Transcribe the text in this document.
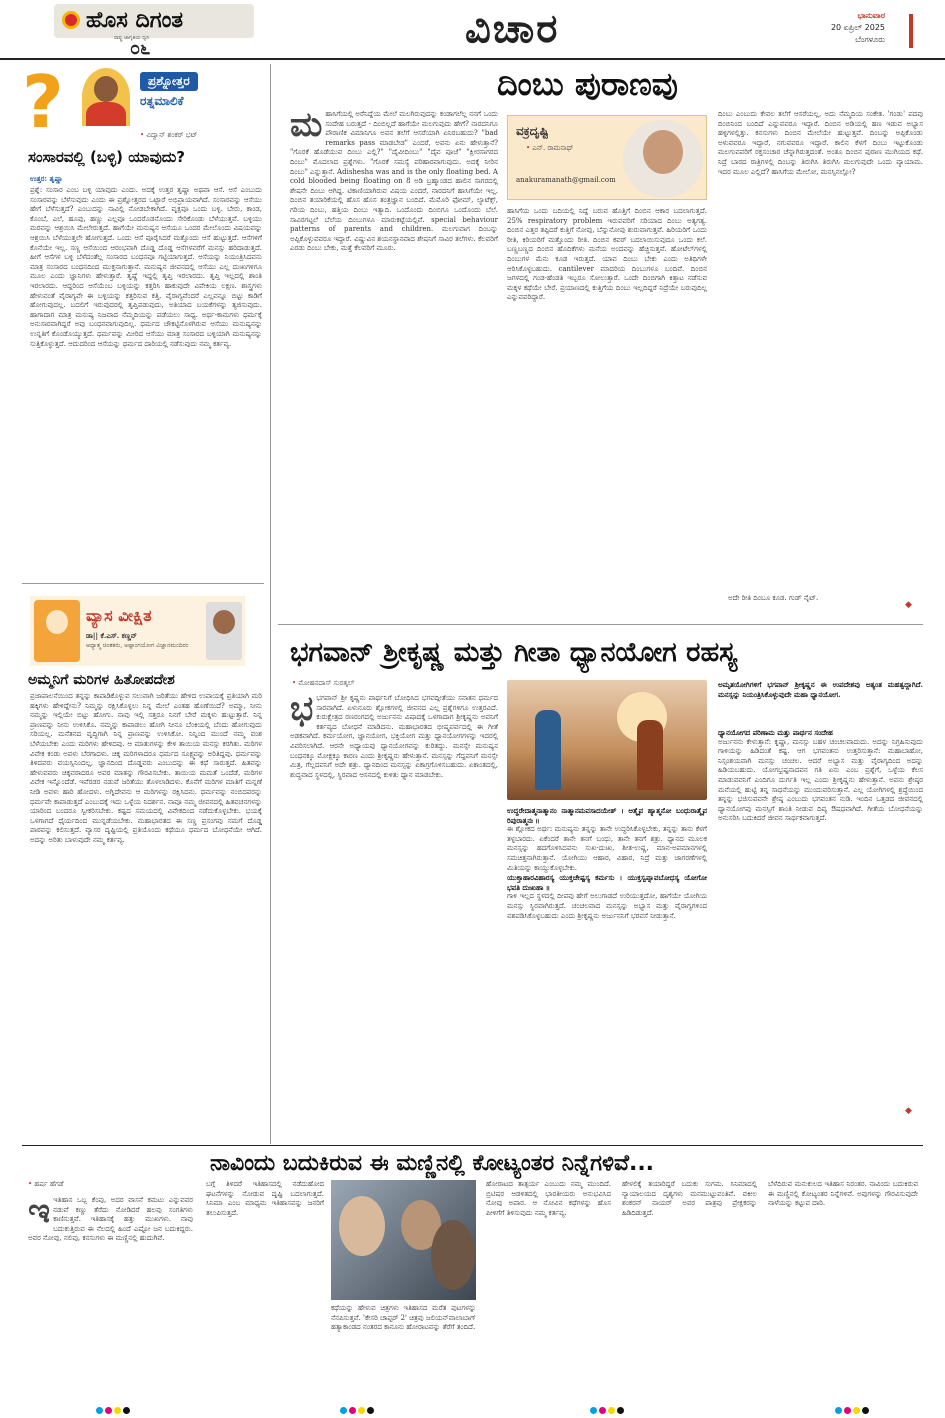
ಹೊಸ ದಿಗಂತ
ರಾಷ್ಟ್ರ ಜಾಗೃತಿಯ ಧ್ವನಿ
೦೬	ವಿಚಾರ	ಭಾನುವಾರ
20 ಏಪ್ರಿಲ್ 2025
ಬೆಂಗಳೂರು
?	ಪ್ರಶ್ನೋತ್ತರ
ರತ್ನಮಾಲಿಕೆ
• ವಿದ್ವಾನ್ ಶಂಕರ್ ಭಟ್
ಸಂಸಾರವಲ್ಲಿ (ಬಳ್ಳಿ) ಯಾವುದು?
ಉತ್ತರ: ತೃಷ್ಣಾ
ಪ್ರಶ್ನೆ: ಸಂಸಾರ ಎಂಬ ಬಳ್ಳಿ ಯಾವುದು ಎಂದು. ಅದಕ್ಕೆ ಉತ್ತರ ತೃಷ್ಣಾ ಅಥವಾ ಆಸೆ. ಆಸೆ ಎಂಬುದು ಸಂಸಾರವನ್ನು ಬೆಳೆಸುವುದು ಎಂದು ಈ ಪ್ರಶ್ನೋತ್ತರದ ಒಟ್ಟಾರೆ ಅಭಿಪ್ರಾಯವಾಗಿದೆ. ಸಂಸಾರವನ್ನು ಆಸೆಯು ಹೇಗೆ ಬೆಳೆಸುತ್ತದೆ? ಎಂಬುದನ್ನು ನಾವಿಲ್ಲಿ ನೋಡಬೇಕಾಗಿದೆ. ವೃಕ್ಷವೂ ಒಂದು ಬಳ್ಳಿ. ಬೇರು, ಕಾಂಡ, ಕೊಂಬೆ, ಎಲೆ, ಹೂವು, ಹಣ್ಣು ಎಲ್ಲವೂ ಒಂದರೊಡನೊಂದು ಸೇರಿಕೊಂಡು ಬೆಳೆಯುತ್ತವೆ. ಬಳ್ಳಿಯು ಮರವನ್ನು ಆಶ್ರಯಿಸಿ ಮೇಲೇರುತ್ತದೆ. ಹಾಗೆಯೇ ಮನುಷ್ಯನ ಆಸೆಯೂ ಒಂದರ ಮೇಲೊಂದು ವಿಷಯವನ್ನು ಆಶ್ರಯಿಸಿ ಬೆಳೆಯುತ್ತಲೇ ಹೋಗುತ್ತದೆ. ಒಂದು ಆಸೆ ಪೂರೈಸಿದರೆ ಮತ್ತೊಂದು ಆಸೆ ಹುಟ್ಟುತ್ತದೆ. ಆಸೆಗಳಿಗೆ ಕೊನೆಯೇ ಇಲ್ಲ. ಸಣ್ಣ ಆಸೆಯಿಂದ ಆರಂಭವಾಗಿ ದೊಡ್ಡ ದೊಡ್ಡ ಆಸೆಗಳವರೆಗೆ ಮನಸ್ಸು ಹರಿದಾಡುತ್ತದೆ. ಹೀಗೆ ಆಸೆಗಳ ಬಳ್ಳಿ ಬೆಳೆದಂತೆಲ್ಲ ಸಂಸಾರದ ಬಂಧನವೂ ಗಟ್ಟಿಯಾಗುತ್ತದೆ. ಆಸೆಯನ್ನು ನಿಯಂತ್ರಿಸಿದವನು ಮಾತ್ರ ಸಂಸಾರದ ಬಂಧನದಿಂದ ಮುಕ್ತನಾಗುತ್ತಾನೆ. ಮನುಷ್ಯನ ಜೀವನದಲ್ಲಿ ಆಸೆಯು ಎಲ್ಲ ದುಃಖಗಳಿಗೂ ಮೂಲ ಎಂದು ಜ್ಞಾನಿಗಳು ಹೇಳುತ್ತಾರೆ. ತೃಷ್ಣೆ ಇದ್ದಲ್ಲಿ ತೃಪ್ತಿ ಇರಲಾರದು. ತೃಪ್ತಿ ಇಲ್ಲದಲ್ಲಿ ಶಾಂತಿ ಇರಲಾರದು. ಆದ್ದರಿಂದ ಆಸೆಯೆಂಬ ಬಳ್ಳಿಯನ್ನು ಕತ್ತರಿಸಿ ಹಾಕುವುದೇ ವಿವೇಕಿಯ ಲಕ್ಷಣ. ಶಾಸ್ತ್ರಗಳು ಹೇಳುವಂತೆ ವೈರಾಗ್ಯವೇ ಈ ಬಳ್ಳಿಯನ್ನು ಕತ್ತರಿಸುವ ಕತ್ತಿ. ವೈರಾಗ್ಯವೆಂದರೆ ಎಲ್ಲವನ್ನೂ ಬಿಟ್ಟು ಕಾಡಿಗೆ ಹೋಗುವುದಲ್ಲ. ಬದಲಿಗೆ ಇರುವುದರಲ್ಲಿ ತೃಪ್ತಿಪಡುವುದು, ಅತಿಯಾದ ಬಯಕೆಗಳನ್ನು ತ್ಯಜಿಸುವುದು. ಹಾಗಾದಾಗ ಮಾತ್ರ ಮನುಷ್ಯ ನಿಜವಾದ ನೆಮ್ಮದಿಯನ್ನು ಪಡೆಯಲು ಸಾಧ್ಯ. ಅರ್ಥ-ಕಾಮಗಳು ಧರ್ಮಕ್ಕೆ ಅನುಸಾರವಾಗಿದ್ದರೆ ಅವು ಬಂಧನವಾಗುವುದಿಲ್ಲ. ಧರ್ಮದ ಚೌಕಟ್ಟಿನೊಳಗಿರುವ ಆಸೆಯು ಮನುಷ್ಯನನ್ನು ಉನ್ನತಿಗೆ ಕೊಂಡೊಯ್ಯುತ್ತದೆ. ಧರ್ಮವನ್ನು ಮೀರಿದ ಆಸೆಯು ಮಾತ್ರ ಸಂಸಾರದ ಬಳ್ಳಿಯಾಗಿ ಮನುಷ್ಯನನ್ನು ಸುತ್ತಿಕೊಳ್ಳುತ್ತದೆ. ಆದುದರಿಂದ ಆಸೆಯನ್ನು ಧರ್ಮದ ದಾರಿಯಲ್ಲಿ ನಡೆಸುವುದು ನಮ್ಮ ಕರ್ತವ್ಯ.
ವ್ಯಾಸ ವೀಕ್ಷಿತ
ಡಾ|| ಕೆ.ಎಸ್. ಕಣ್ಣನ್
ಆಧ್ಯಾತ್ಮ ಚಿಂತಕರು, ಅಷ್ಟಾಂಗಯೋಗ ವಿಜ್ಞಾನಮಂದಿರಂ
ಅಮ್ಮನಿಗೆ ಮರಿಗಳ ಹಿತೋಪದೇಶ
ಪ್ರಜಾಪಾಲನೆಯಿಂದ ತನ್ನನ್ನು ಕಾಪಾಡಿಕೊಳ್ಳುವ ಸಲುವಾಗಿ ಜರಿತೆಯು ಹೇಳಿದ ಉಪಾಯಕ್ಕೆ ಪ್ರತಿಯಾಗಿ ಮರಿ ಹಕ್ಕಿಗಳು ಹೇಳಿದ್ದೇನು? ನಿಮ್ಮನ್ನು ರಕ್ಷಿಸಿಕೊಳ್ಳಲು ನಿನ್ನ ಮೇಲೆ ಎಂತಹ ಹೊಣೆಯಿದೆ? ಅಮ್ಮಾ, ನೀನು ನಮ್ಮನ್ನು ಇಲ್ಲಿಯೇ ಬಿಟ್ಟು ಹೋಗು. ನಾವು ಇಲ್ಲಿ ಸತ್ತರೂ ನಿನಗೆ ಬೇರೆ ಮಕ್ಕಳು ಹುಟ್ಟುತ್ತಾರೆ. ನಿನ್ನ ಪ್ರಾಣವನ್ನು ನೀನು ಉಳಿಸಿಕೊ. ನಮ್ಮನ್ನು ಕಾಪಾಡಲು ಹೋಗಿ ನೀನೂ ಬೆಂಕಿಯಲ್ಲಿ ಬೆಂದು ಹೋಗುವುದು ಸರಿಯಲ್ಲ. ಮನೆತನದ ವೃದ್ಧಿಗಾಗಿ ನಿನ್ನ ಪ್ರಾಣವನ್ನು ಉಳಿಸಿಕೋ. ನಿನ್ನಿಂದ ಮುಂದೆ ನಮ್ಮ ವಂಶ ಬೆಳೆಯಬೇಕು ಎಂದು ಮರಿಗಳು ಹೇಳಿದವು. ಆ ಮಾತುಗಳನ್ನು ಕೇಳಿ ತಾಯಿಯ ಮನಸ್ಸು ಕರಗಿತು. ಮರಿಗಳ ವಿವೇಕ ಕಂಡು ಅವಳು ಬೆರಗಾದಳು. ಚಿಕ್ಕ ಮರಿಗಳಾದರೂ ಧರ್ಮದ ಸೂಕ್ಷ್ಮವನ್ನು ಅರಿತಿದ್ದವು. ಧರ್ಮವನ್ನು ತಿಳಿದವರು ವಯಸ್ಸಿನಿಂದಲ್ಲ, ಜ್ಞಾನದಿಂದ ದೊಡ್ಡವರು ಎಂಬುದನ್ನು ಈ ಕಥೆ ಸಾರುತ್ತದೆ. ಹಿತವನ್ನು ಹೇಳುವವರು ಚಿಕ್ಕವರಾದರೂ ಅವರ ಮಾತನ್ನು ಗೌರವಿಸಬೇಕು. ತಾಯಿಯ ಮಮತೆ ಒಂದೆಡೆ, ಮರಿಗಳ ವಿವೇಕ ಇನ್ನೊಂದೆಡೆ. ಇವೆರಡರ ನಡುವೆ ಜರಿತೆಯು ತೊಳಲಾಡಿದಳು. ಕೊನೆಗೆ ಮರಿಗಳ ಮಾತಿಗೆ ಮನ್ನಣೆ ನೀಡಿ ಅವಳು ಹಾರಿ ಹೋದಳು. ಅಗ್ನಿದೇವನು ಆ ಮರಿಗಳನ್ನು ರಕ್ಷಿಸಿದನು. ಧರ್ಮವನ್ನು ನಂಬಿದವರನ್ನು ಧರ್ಮವೇ ಕಾಪಾಡುತ್ತದೆ ಎಂಬುದಕ್ಕೆ ಇದು ಒಳ್ಳೆಯ ನಿದರ್ಶನ. ನಾವೂ ನಮ್ಮ ಜೀವನದಲ್ಲಿ ಹಿತವಚನಗಳನ್ನು ಯಾರಿಂದ ಬಂದರೂ ಸ್ವೀಕರಿಸಬೇಕು. ಕಷ್ಟದ ಸಮಯದಲ್ಲಿ ವಿವೇಕದಿಂದ ನಡೆದುಕೊಳ್ಳಬೇಕು. ಭಯಕ್ಕೆ ಒಳಗಾಗದೆ ಧೈರ್ಯದಿಂದ ಮುನ್ನಡೆಯಬೇಕು. ಮಹಾಭಾರತದ ಈ ಸಣ್ಣ ಪ್ರಸಂಗವು ನಮಗೆ ದೊಡ್ಡ ಪಾಠವನ್ನು ಕಲಿಸುತ್ತದೆ. ವ್ಯಾಸರ ದೃಷ್ಟಿಯಲ್ಲಿ ಪ್ರತಿಯೊಂದು ಕಥೆಯೂ ಧರ್ಮದ ಬೋಧನೆಯೇ ಆಗಿದೆ. ಅದನ್ನು ಅರಿತು ಬಾಳುವುದೇ ನಮ್ಮ ಕರ್ತವ್ಯ.
ದಿಂಬು ಪುರಾಣವು
ವಕ್ರದೃಷ್ಟಿ
• ಎನ್. ರಾಮನಾಥ್
anakuramanath@gmail.com
ಮಹಾಸಿಗೆಯಲ್ಲಿ ಅರೆನಿದ್ದೆಯ ಮೇಲೆ ಮಲಗಿರುವುದನ್ನು ಕಂಡಾಗಲೆಲ್ಲ ನನಗೆ ಒಂದು ಸಂದೇಹ ಬರುತ್ತದೆ - ದಿಂಬಿಲ್ಲದೆ ಹಾಗೆಯೇ ಮಲಗುವುದು ಹೇಗೆ? ನಾರದನಿಗೂ ಪೌರಾಣಿಕ ವಿಮಾನಿಗೂ ಅವನ ತಲೆಗೆ ಆಸರೆಯಾಗಿ ಏನಿರಬಹುದು? "bad remarks pass ಮಾಡಬೇಡ" ಎಂದರೆ, ಅವನು ಏನು ಹೇಳುತ್ತಾನೆ? "ಗೊರಕೆ ಹೊಡೆಯುವ ದಿಂಬು ಎಲ್ಲಿ?" "ದೈವೀದಿಂಬು" "ದೈವ ಪೂಜೆ" "ಕ್ಷೀರಸಾಗರದ ದಿಂಬು" ಮೊದಲಾದ ಪ್ರಶ್ನೆಗಳು. "ಗೊರಕೆ ಸಮಸ್ಯೆ ಪರಿಹಾರವಾಗುವುದು. ಅದಕ್ಕೆ ನೀರಿನ ದಿಂಬು" ಎನ್ನುತ್ತಾನೆ. Adishesha was and is the only floating bed. A cold blooded being floating on 8 ಅಡಿ ಬ್ರಹ್ಮಾಂಡದ ಹಾಲಿನ ಸಾಗರದಲ್ಲಿ ಶೇಷನೇ ದಿಂಬು ಆಗಿದ್ದ. ಟಿಕಾಣಿಯಾಗಿರುವ ವಿಷಯ ಎಂದರೆ, ನಾರದನಿಗೆ ಹಾಸಿಗೆಯೇ ಇಲ್ಲ. ದಿಂಬಿನ ತಯಾರಿಕೆಯಲ್ಲಿ ಹೊಸ ಹೊಸ ತಂತ್ರಜ್ಞಾನ ಬಂದಿದೆ. ಮೆಮೊರಿ ಫೋಮ್, ಲ್ಯಾಟೆಕ್ಸ್, ಗರಿಯ ದಿಂಬು, ಹತ್ತಿಯ ದಿಂಬು ಇತ್ಯಾದಿ. ಒಂದೊಂದು ದಿಂಬಿಗೂ ಒಂದೊಂದು ಬೆಲೆ. ಸಾವಿರಗಟ್ಟಲೆ ಬೆಲೆಯ ದಿಂಬುಗಳೂ ಮಾರುಕಟ್ಟೆಯಲ್ಲಿವೆ. special behaviour patterns of parents and children. ಮಲಗುವಾಗ ದಿಂಬನ್ನು ಅಪ್ಪಿಕೊಳ್ಳುವವರೂ ಇದ್ದಾರೆ. ವಿಷ್ಣುವಿನ ಶಯನಸ್ಥಾನವಾದ ಶೇಷನಿಗೆ ಸಾವಿರ ತಲೆಗಳು. ಕೆಲವರಿಗೆ ಎರಡು ದಿಂಬು ಬೇಕು, ಮತ್ತೆ ಕೆಲವರಿಗೆ ಮೂರು.
ಹಾಸಿಗೆಯ ಒಂದು ಬದಿಯಲ್ಲಿ ನಿದ್ದೆ ಬರುವ ಹೊತ್ತಿಗೆ ದಿಂಬಿನ ಆಕಾರ ಬದಲಾಗುತ್ತದೆ. 25% respiratory problem ಇರುವವರಿಗೆ ಸರಿಯಾದ ದಿಂಬು ಅತ್ಯಗತ್ಯ. ದಿಂಬಿನ ಎತ್ತರ ತಪ್ಪಿದರೆ ಕುತ್ತಿಗೆ ನೋವು, ಬೆನ್ನುನೋವು ಶುರುವಾಗುತ್ತವೆ. ಹಿರಿಯರಿಗೆ ಒಂದು ರೀತಿ, ಕಿರಿಯರಿಗೆ ಮತ್ತೊಂದು ರೀತಿ. ದಿಂಬಿನ ಕವರ್ ಬದಲಾಯಿಸುವುದೂ ಒಂದು ಕಲೆ. ಬಣ್ಣಬಣ್ಣದ ದಿಂಬಿನ ಹೊದಿಕೆಗಳು ಮನೆಯ ಅಂದವನ್ನು ಹೆಚ್ಚಿಸುತ್ತವೆ. ಹೋಟೆಲ್‌ಗಳಲ್ಲಿ ದಿಂಬುಗಳ ಮೆನು ಕೂಡ ಇರುತ್ತದೆ. ಯಾವ ದಿಂಬು ಬೇಕು ಎಂದು ಅತಿಥಿಗಳೇ ಆರಿಸಿಕೊಳ್ಳಬಹುದು. cantilever ಮಾದರಿಯ ದಿಂಬುಗಳೂ ಬಂದಿವೆ. ದಿಂಬಿನ ಜಗಳದಲ್ಲಿ ಗಂಡ-ಹೆಂಡತಿ ಇಬ್ಬರೂ ಸೋಲುತ್ತಾರೆ. ಒಂದೇ ದಿಂಬಿಗಾಗಿ ಕಿತ್ತಾಟ ನಡೆಸುವ ಮಕ್ಕಳ ಕಥೆಯೇ ಬೇರೆ. ಪ್ರಯಾಣದಲ್ಲಿ ಕುತ್ತಿಗೆಯ ದಿಂಬು ಇಲ್ಲದಿದ್ದರೆ ನಿದ್ರೆಯೇ ಬರುವುದಿಲ್ಲ ಎನ್ನುವವರಿದ್ದಾರೆ.
ದಿಂಬು ಎಂಬುದು ಕೇವಲ ತಲೆಗೆ ಆಸರೆಯಲ್ಲ, ಅದು ನೆಮ್ಮದಿಯ ಸಂಕೇತ. 'ಗಂಡು' ಪದವು ದಿಂಬಿನಿಂದ ಬಂದಿದೆ ಎನ್ನುವವರೂ ಇದ್ದಾರೆ. ದಿಂಬಿನ ಅಡಿಯಲ್ಲಿ ಹಣ ಇಡುವ ಅಭ್ಯಾಸ ಹಳ್ಳಿಗಳಲ್ಲಿತ್ತು. ಕನಸುಗಳು ದಿಂಬಿನ ಮೇಲೆಯೇ ಹುಟ್ಟುತ್ತವೆ. ದಿಂಬನ್ನು ಅಪ್ಪಿಕೊಂಡು ಅಳುವವರೂ ಇದ್ದಾರೆ, ನಗುವವರೂ ಇದ್ದಾರೆ. ಕಾಲಿನ ಕೆಳಗೆ ದಿಂಬು ಇಟ್ಟುಕೊಂಡು ಮಲಗುವವರಿಗೆ ರಕ್ತಸಂಚಾರ ಚೆನ್ನಾಗಿರುತ್ತದಂತೆ. ಅಂತೂ ದಿಂಬಿನ ಪುರಾಣ ಮುಗಿಯದ ಕಥೆ. ನಿದ್ರೆ ಬಾರದ ರಾತ್ರಿಗಳಲ್ಲಿ ದಿಂಬನ್ನು ತಿರುಗಿಸಿ ತಿರುಗಿಸಿ ಮಲಗುವುದೇ ಒಂದು ವ್ಯಾಯಾಮ. ಇದರ ಮೂಲ ಎಲ್ಲಿದೆ? ಹಾಸಿಗೆಯ ಮೇಲೋ, ಮನಸ್ಸಿನಲ್ಲೋ?
ಅದೇ ರೀತಿ ದಿಂಬೂ ಕೂಡ. ಗುಡ್ ನೈಟ್.
◆
ಭಗವಾನ್ ಶ್ರೀಕೃಷ್ಣ ಮತ್ತು ಗೀತಾ ಧ್ಯಾನಯೋಗ ರಹಸ್ಯ
• ಮೋಹನದಾಸ್ ಸುರತ್ಕಲ್	ಅಮೃತಯೋಗಿಗಳಿಗೆ ಭಗವಾನ್ ಶ್ರೀಕೃಷ್ಣನ ಈ ಉಪದೇಶವು ಅತ್ಯಂತ ಮಹತ್ವದ್ದಾಗಿದೆ. ಮನಸ್ಸನ್ನು ನಿಯಂತ್ರಿಸಿಕೊಳ್ಳುವುದೇ ಮಹಾ ಧ್ಯಾನಯೋಗ.
ಭಭಗವಾನ್ ಶ್ರೀ ಕೃಷ್ಣನು ಪಾರ್ಥನಿಗೆ ಬೋಧಿಸಿದ ಭಗವದ್ಗೀತೆಯು ಸನಾತನ ಧರ್ಮದ ಸಾರವಾಗಿದೆ. ಏಳುನೂರು ಶ್ಲೋಕಗಳಲ್ಲಿ ಜೀವನದ ಎಲ್ಲ ಪ್ರಶ್ನೆಗಳಿಗೂ ಉತ್ತರವಿದೆ. ಕುರುಕ್ಷೇತ್ರದ ರಣರಂಗದಲ್ಲಿ ಅರ್ಜುನನು ವಿಷಾದಕ್ಕೆ ಒಳಗಾದಾಗ ಶ್ರೀಕೃಷ್ಣನು ಅವನಿಗೆ ಕರ್ತವ್ಯದ ಬೋಧನೆ ಮಾಡಿದನು. ಮಹಾಭಾರತದ ಭೀಷ್ಮಪರ್ವದಲ್ಲಿ ಈ ಗೀತೆ ಅಡಕವಾಗಿದೆ. ಕರ್ಮಯೋಗ, ಜ್ಞಾನಯೋಗ, ಭಕ್ತಿಯೋಗ ಮತ್ತು ಧ್ಯಾನಯೋಗಗಳನ್ನು ಇದರಲ್ಲಿ ವಿವರಿಸಲಾಗಿದೆ. ಆರನೇ ಅಧ್ಯಾಯವು ಧ್ಯಾನಯೋಗವನ್ನು ಕುರಿತದ್ದು. ಮನಸ್ಸೇ ಮನುಷ್ಯನ ಬಂಧನಕ್ಕೂ ಮೋಕ್ಷಕ್ಕೂ ಕಾರಣ ಎಂದು ಶ್ರೀಕೃಷ್ಣನು ಹೇಳುತ್ತಾನೆ. ಮನಸ್ಸನ್ನು ಗೆದ್ದವನಿಗೆ ಮನಸ್ಸೇ ಮಿತ್ರ, ಗೆಲ್ಲದವನಿಗೆ ಅದೇ ಶತ್ರು. ಧ್ಯಾನದಿಂದ ಮನಸ್ಸನ್ನು ಏಕಾಗ್ರಗೊಳಿಸಬಹುದು. ಏಕಾಂತದಲ್ಲಿ, ಶುದ್ಧವಾದ ಸ್ಥಳದಲ್ಲಿ, ಸ್ಥಿರವಾದ ಆಸನದಲ್ಲಿ ಕುಳಿತು ಧ್ಯಾನ ಮಾಡಬೇಕು.
ಉದ್ಧರೇದಾತ್ಮನಾತ್ಮಾನಂ ನಾತ್ಮಾನಮವಸಾದಯೇತ್ । ಆತ್ಮೈವ ಹ್ಯಾತ್ಮನೋ ಬಂಧುರಾತ್ಮೈವ ರಿಪುರಾತ್ಮನಃ ॥
ಈ ಶ್ಲೋಕದ ಅರ್ಥ: ಮನುಷ್ಯನು ತನ್ನನ್ನು ತಾನೇ ಉದ್ಧರಿಸಿಕೊಳ್ಳಬೇಕು, ತನ್ನನ್ನು ತಾನು ಕೆಳಗೆ ತಳ್ಳಬಾರದು. ಏಕೆಂದರೆ ತಾನೇ ತನಗೆ ಬಂಧು, ತಾನೇ ತನಗೆ ಶತ್ರು. ಧ್ಯಾನದ ಮೂಲಕ ಮನಸ್ಸನ್ನು ಹದಗೊಳಿಸಿದವನು ಸುಖ-ದುಃಖ, ಶೀತ-ಉಷ್ಣ, ಮಾನ-ಅಪಮಾನಗಳಲ್ಲಿ ಸಮಚಿತ್ತನಾಗಿರುತ್ತಾನೆ. ಯೋಗಿಯು ಆಹಾರ, ವಿಹಾರ, ನಿದ್ರೆ ಮತ್ತು ಜಾಗರಣೆಗಳಲ್ಲಿ ಮಿತಿಯನ್ನು ಕಾಯ್ದುಕೊಳ್ಳಬೇಕು.
ಯುಕ್ತಾಹಾರವಿಹಾರಸ್ಯ ಯುಕ್ತಚೇಷ್ಟಸ್ಯ ಕರ್ಮಸು । ಯುಕ್ತಸ್ವಪ್ನಾವಬೋಧಸ್ಯ ಯೋಗೋ ಭವತಿ ದುಃಖಹಾ ॥
ಗಾಳಿ ಇಲ್ಲದ ಸ್ಥಳದಲ್ಲಿ ದೀಪವು ಹೇಗೆ ಅಲುಗಾಡದೆ ಉರಿಯುತ್ತದೋ, ಹಾಗೆಯೇ ಯೋಗಿಯ ಮನಸ್ಸು ಸ್ಥಿರವಾಗಿರುತ್ತದೆ. ಚಂಚಲವಾದ ಮನಸ್ಸನ್ನು ಅಭ್ಯಾಸ ಮತ್ತು ವೈರಾಗ್ಯಗಳಿಂದ ವಶಪಡಿಸಿಕೊಳ್ಳಬಹುದು ಎಂದು ಶ್ರೀಕೃಷ್ಣನು ಅರ್ಜುನನಿಗೆ ಭರವಸೆ ನೀಡುತ್ತಾನೆ.
ಧ್ಯಾನಯೋಗದ ಪರಿಣಾಮ ಮತ್ತು ಪಾರ್ಥನ ಸಂದೇಹ
ಅರ್ಜುನನು ಕೇಳುತ್ತಾನೆ: ಕೃಷ್ಣಾ, ಮನಸ್ಸು ಬಹಳ ಚಂಚಲವಾದುದು. ಅದನ್ನು ನಿಗ್ರಹಿಸುವುದು ಗಾಳಿಯನ್ನು ಹಿಡಿದಂತೆ ಕಷ್ಟ. ಆಗ ಭಗವಂತನು ಉತ್ತರಿಸುತ್ತಾನೆ: ಮಹಾಬಾಹೋ, ನಿಸ್ಸಂಶಯವಾಗಿ ಮನಸ್ಸು ಚಂಚಲ. ಆದರೆ ಅಭ್ಯಾಸ ಮತ್ತು ವೈರಾಗ್ಯದಿಂದ ಅದನ್ನು ಹಿಡಿಯಬಹುದು. ಯೋಗಭ್ರಷ್ಟನಾದವನ ಗತಿ ಏನು ಎಂಬ ಪ್ರಶ್ನೆಗೆ, ಒಳ್ಳೆಯ ಕೆಲಸ ಮಾಡುವವನಿಗೆ ಎಂದಿಗೂ ದುರ್ಗತಿ ಇಲ್ಲ ಎಂದು ಶ್ರೀಕೃಷ್ಣನು ಹೇಳುತ್ತಾನೆ. ಅವನು ಶ್ರೇಷ್ಠರ ಮನೆಯಲ್ಲಿ ಹುಟ್ಟಿ ತನ್ನ ಸಾಧನೆಯನ್ನು ಮುಂದುವರಿಸುತ್ತಾನೆ. ಎಲ್ಲ ಯೋಗಿಗಳಲ್ಲಿ ಶ್ರದ್ಧೆಯಿಂದ ತನ್ನನ್ನು ಭಜಿಸುವವನೇ ಶ್ರೇಷ್ಠ ಎಂಬುದು ಭಗವಂತನ ನುಡಿ. ಇಂದಿನ ಒತ್ತಡದ ಜೀವನದಲ್ಲಿ ಧ್ಯಾನಯೋಗವು ಮನಸ್ಸಿಗೆ ಶಾಂತಿ ನೀಡುವ ದಿವ್ಯ ಔಷಧವಾಗಿದೆ. ಗೀತೆಯ ಬೋಧನೆಯನ್ನು ಅನುಸರಿಸಿ ಬದುಕಿದರೆ ಜೀವನ ಸಾರ್ಥಕವಾಗುತ್ತದೆ.
◆
ನಾವಿಂದು ಬದುಕಿರುವ ಈ ಮಣ್ಣಿನಲ್ಲಿ ಕೋಟ್ಯಂತರ ನಿನ್ನೆಗಳಿವೆ...
• ಹರ್ಷ ಹೆಗಡೆ
ಇಇತಿಹಾಸ ಒಬ್ಬ ಕೆಂಪು, ಅದರ ವಾಸನೆ ಕಮಟು ಎನ್ನುವವರ ನಡುವೆ ಕಣ್ಣು ತೆರೆದು ನೋಡಿದರೆ ಹಲವು ಸಂಗತಿಗಳು ಕಾಣಿಸುತ್ತವೆ. ಇತಿಹಾಸಕ್ಕೆ ಹತ್ತು ಮುಖಗಳು. ನಾವು ಬದುಕುತ್ತಿರುವ ಈ ನೆಲದಲ್ಲಿ ಹಿಂದೆ ಎಷ್ಟೋ ಜನ ಬದುಕಿದ್ದರು. ಅವರ ನೋವು, ನಲಿವು, ಕನಸುಗಳು ಈ ಮಣ್ಣಿನಲ್ಲಿ ಹುದುಗಿವೆ.
ಬಗ್ಗೆ ತಿಳಿದರೆ ಇತಿಹಾಸದಲ್ಲಿ ನಡೆದುಹೋದ ಘಟನೆಗಳನ್ನು ನೋಡುವ ದೃಷ್ಟಿ ಬದಲಾಗುತ್ತದೆ. ಸಿನಿಮಾ ಎಂಬ ಮಾಧ್ಯಮ ಇತಿಹಾಸವನ್ನು ಜನರಿಗೆ ತಲುಪಿಸುತ್ತದೆ.
ಕಥೆಯನ್ನು ಹೇಳುವ ಚಿತ್ರಗಳು ಇತಿಹಾಸದ ಮರೆತ ಪುಟಗಳನ್ನು ನೆನಪಿಸುತ್ತವೆ. 'ಕೇಸರಿ ಚಾಪ್ಟರ್ 2' ಚಿತ್ರವು ಜಲಿಯನ್‌ವಾಲಾಬಾಗ್ ಹತ್ಯಾಕಾಂಡದ ನಂತರದ ಕಾನೂನು ಹೋರಾಟವನ್ನು ತೆರೆಗೆ ತಂದಿದೆ.
ಹೋರಾಟದ ತಾತ್ಪರ್ಯ ಎಂಬುದು ನಮ್ಮ ಮುಂದಿದೆ. ಬ್ರಿಟಿಷರ ಆಡಳಿತದಲ್ಲಿ ಭಾರತೀಯರು ಅನುಭವಿಸಿದ ನೋವು ಅಪಾರ. ಆ ನೋವಿನ ಕಥೆಗಳನ್ನು ಹೊಸ ಪೀಳಿಗೆಗೆ ತಿಳಿಸುವುದು ನಮ್ಮ ಕರ್ತವ್ಯ.
ಹೇಳಲಿಕ್ಕೆ ತಯಾರಿದ್ದರೆ ಬದುಕು ಸುಗಮ. ಸಿನಿಮಾದಲ್ಲಿ ನ್ಯಾಯಾಲಯದ ದೃಶ್ಯಗಳು ಮನಮುಟ್ಟುವಂತಿವೆ. ವಕೀಲ ಶಂಕರನ್ ನಾಯರ್ ಅವರ ಪಾತ್ರವು ಪ್ರೇಕ್ಷಕರನ್ನು ಹಿಡಿದಿಡುತ್ತದೆ.
ಬೆಳೆದಿರುವ ಮನುಕುಲದ ಇತಿಹಾಸ ನಿರಂತರ. ನಾವಿಂದು ಬದುಕಿರುವ ಈ ಮಣ್ಣಿನಲ್ಲಿ ಕೋಟ್ಯಂತರ ನಿನ್ನೆಗಳಿವೆ. ಅವುಗಳನ್ನು ಗೌರವಿಸುವುದೇ ನಾಳೆಯನ್ನು ಕಟ್ಟುವ ದಾರಿ.
